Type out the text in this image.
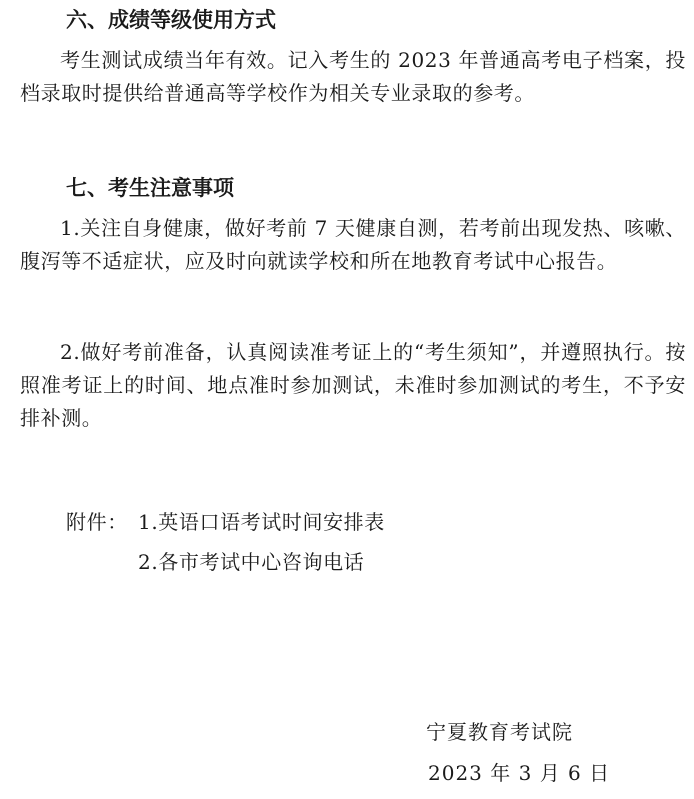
六、成绩等级使用方式
考生测试成绩当年有效。记入考生的 2023 年普通高考电子档案，投档录取时提供给普通高等学校作为相关专业录取的参考。
七、考生注意事项
1.关注自身健康，做好考前 7 天健康自测，若考前出现发热、咳嗽、腹泻等不适症状，应及时向就读学校和所在地教育考试中心报告。
2.做好考前准备，认真阅读准考证上的“考生须知”，并遵照执行。按照准考证上的时间、地点准时参加测试，未准时参加测试的考生，不予安排补测。
附件： 1.英语口语考试时间安排表
2.各市考试中心咨询电话
宁夏教育考试院
2023 年 3 月 6 日
